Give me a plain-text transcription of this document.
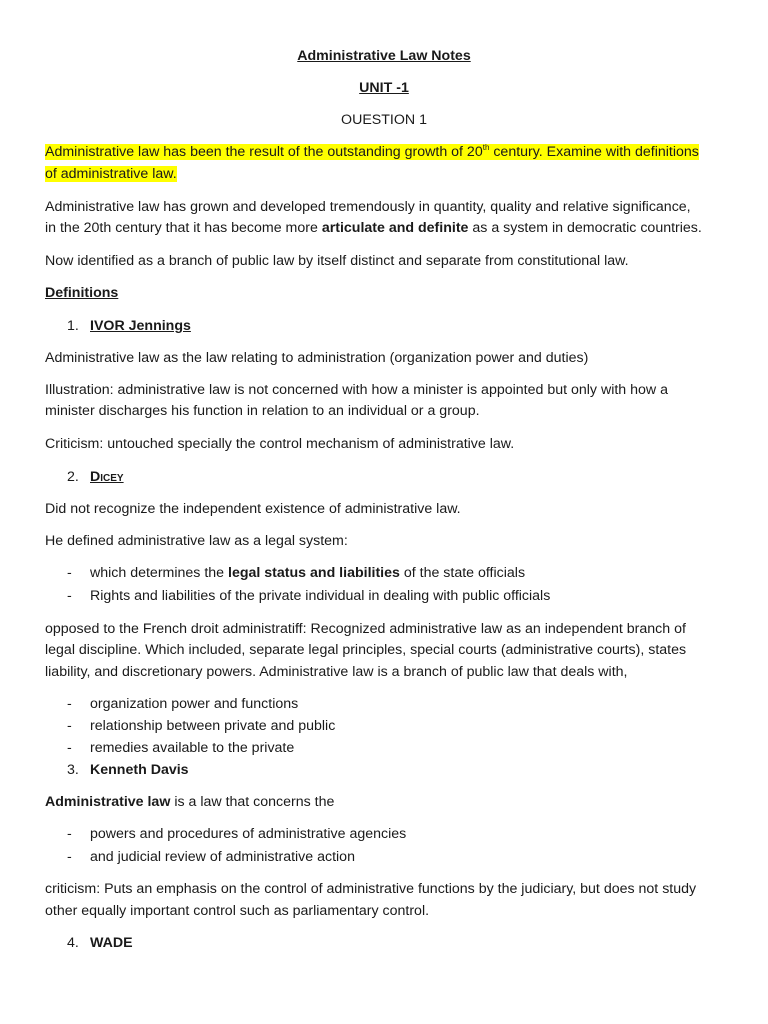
Administrative Law Notes
UNIT -1
OUESTION 1
Administrative law has been the result of the outstanding growth of 20th century. Examine with definitions
of administrative law.
Administrative law has grown and developed tremendously in quantity, quality and relative significance,
in the 20th century that it has become more articulate and definite as a system in democratic countries.
Now identified as a branch of public law by itself distinct and separate from constitutional law.
Definitions
1. IVOR Jennings
Administrative law as the law relating to administration (organization power and duties)
Illustration: administrative law is not concerned with how a minister is appointed but only with how a
minister discharges his function in relation to an individual or a group.
Criticism: untouched specially the control mechanism of administrative law.
2. Dicey
Did not recognize the independent existence of administrative law.
He defined administrative law as a legal system:
- which determines the legal status and liabilities of the state officials
- Rights and liabilities of the private individual in dealing with public officials
opposed to the French droit administratiff: Recognized administrative law as an independent branch of
legal discipline. Which included, separate legal principles, special courts (administrative courts), states
liability, and discretionary powers. Administrative law is a branch of public law that deals with,
- organization power and functions
- relationship between private and public
- remedies available to the private
3. Kenneth Davis
Administrative law is a law that concerns the
- powers and procedures of administrative agencies
- and judicial review of administrative action
criticism: Puts an emphasis on the control of administrative functions by the judiciary, but does not study
other equally important control such as parliamentary control.
4. WADE
